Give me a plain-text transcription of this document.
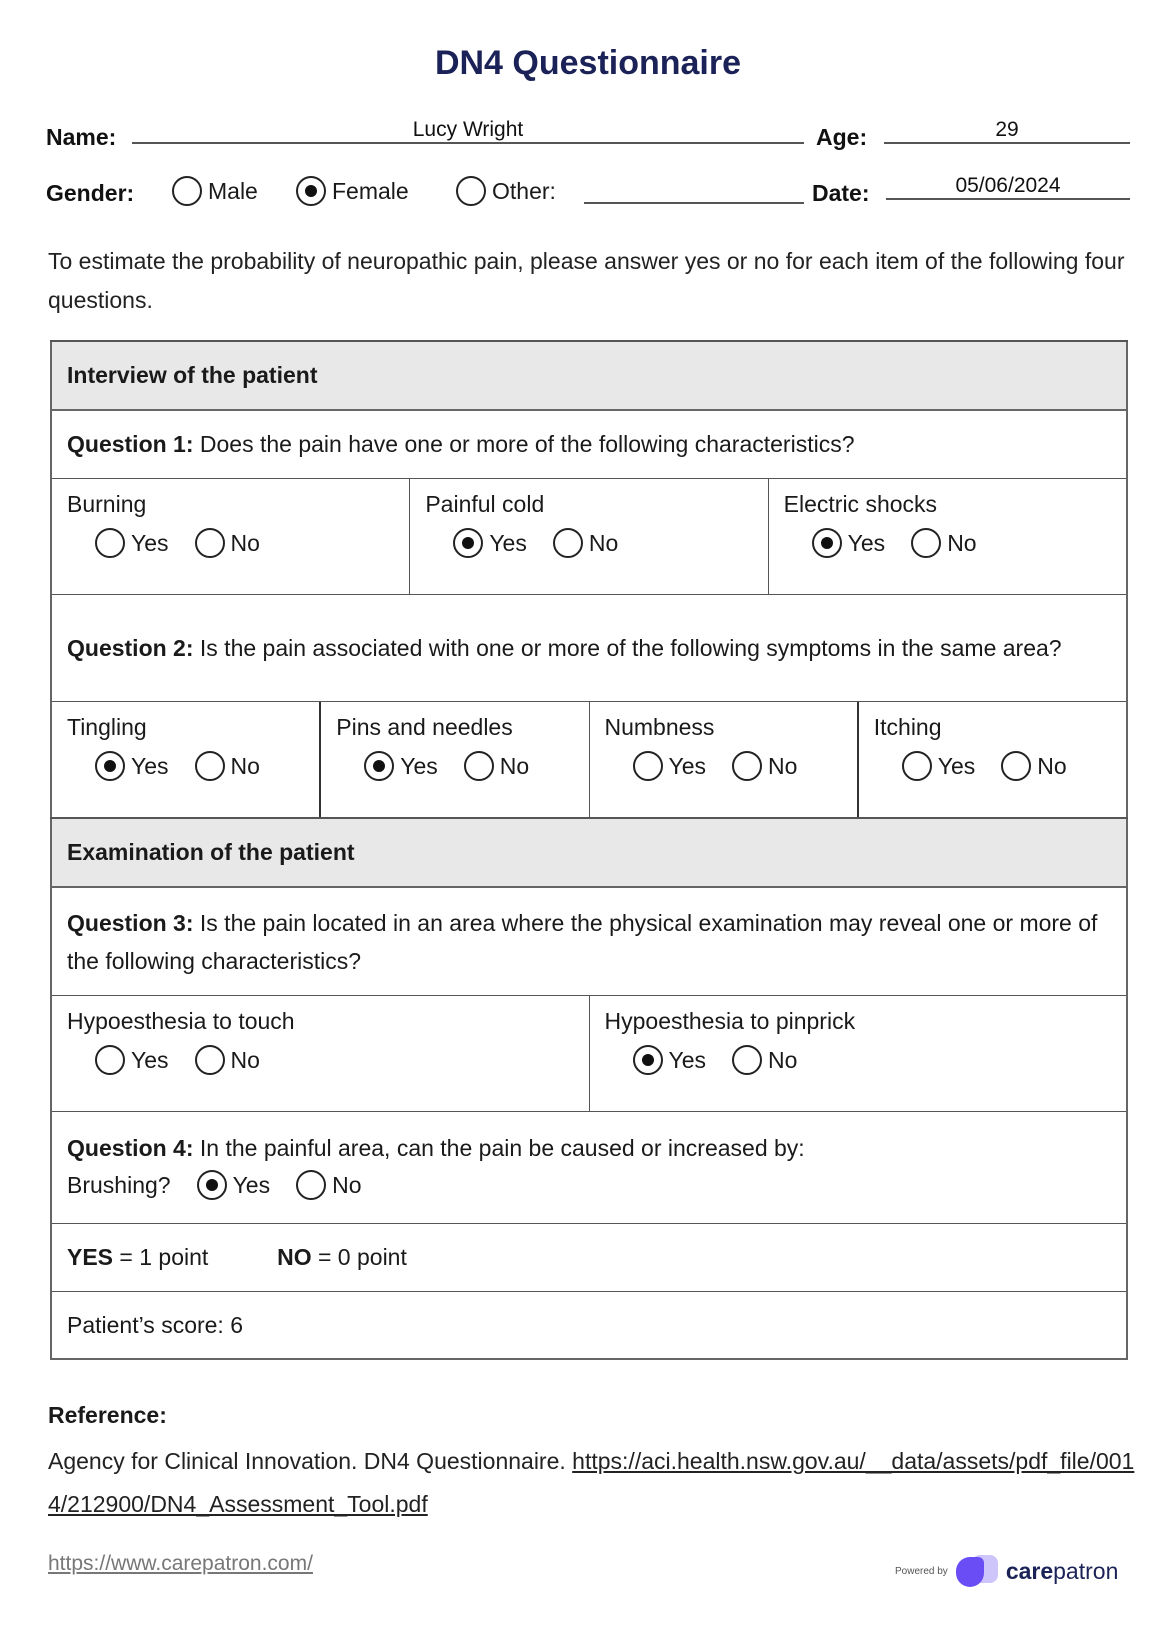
DN4 Questionnaire
Name:	Lucy Wright	Age:	29
Gender:	Male	Female	Other:	Date:	05/06/2024
To estimate the probability of neuropathic pain, please answer yes or no for each item of the following four questions.
Interview of the patient
Question 1: Does the pain have one or more of the following characteristics?

Burning
Yes	No
Painful cold
Yes	No
Electric shocks
Yes	No

Question 2: Is the pain associated with one or more of the following symptoms in the same area?

Tingling
Yes	No
Pins and needles
Yes	No
Numbness
Yes	No
Itching
Yes	No

Examination of the patient
Question 3: Is the pain located in an area where the physical examination may reveal one or more of the following characteristics?

Hypoesthesia to touch
Yes	No
Hypoesthesia to pinprick
Yes	No

Question 4: In the painful area, can the pain be caused or increased by:
Brushing?	Yes	No

YES = 1 point	NO = 0 point
Patient’s score: 6
Reference:
Agency for Clinical Innovation. DN4 Questionnaire. https://aci.health.nsw.gov.au/__data/assets/pdf_file/0014/212900/DN4_Assessment_Tool.pdf
https://www.carepatron.com/	Powered by	carepatron
